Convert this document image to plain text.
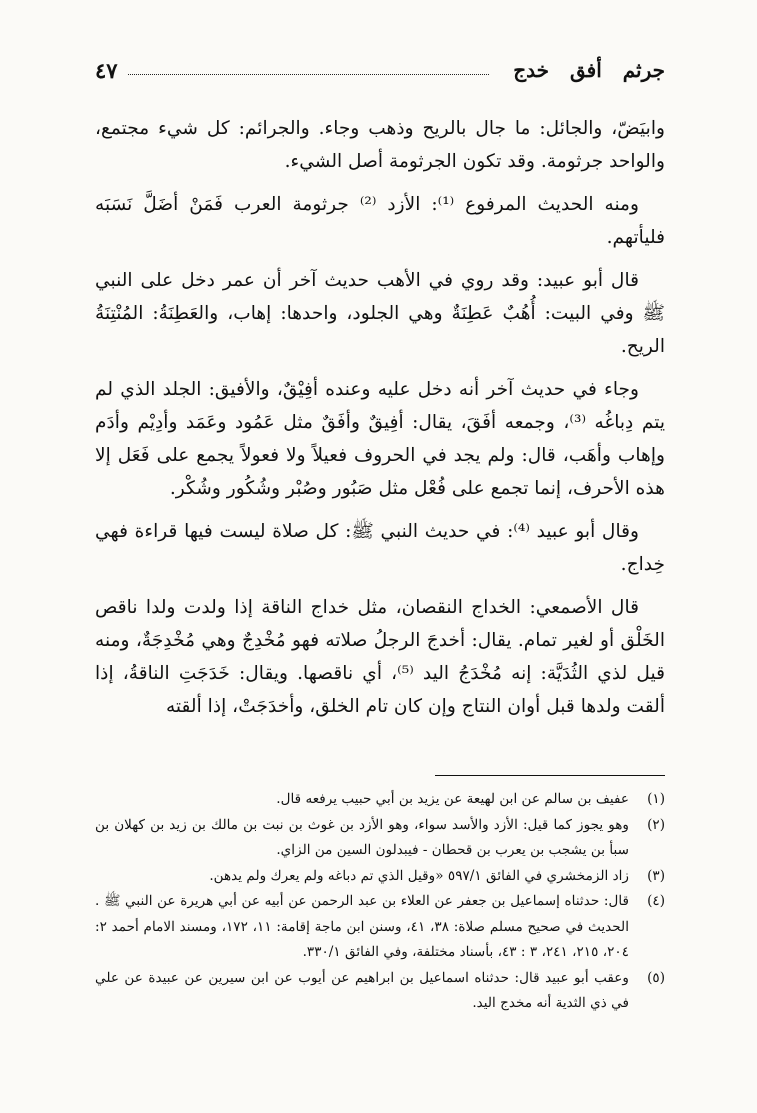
جرثم أفق خدج
٤٧

وابيَضّ، والجائل: ما جال بالريح وذهب وجاء. والجرائم: كل شيء مجتمع، والواحد جرثومة. وقد تكون الجرثومة أصل الشيء.

ومنه الحديث المرفوع ⁽¹⁾: الأزد ⁽²⁾ جرثومة العرب فَمَنْ أضَلَّ نَسَبَه فليأتهم.

قال أبو عبيد: وقد روي في الأهب حديث آخر أن عمر دخل على النبي ﷺ وفي البيت: أُهُبٌ عَطِنَةٌ وهي الجلود، واحدها: إهاب، والعَطِنَةُ: المُنْتِنَةُ الريح.

وجاء في حديث آخر أنه دخل عليه وعنده أفِيْقٌ، والأفيق: الجلد الذي لم يتم دِباغُه ⁽³⁾، وجمعه أفَقَ، يقال: أفِيقٌ وأفَقٌ مثل عَمُود وعَمَد وأدِيْم وأدَم وإهاب وأهَب، قال: ولم يجد في الحروف فعيلاً ولا فعولاً يجمع على فَعَل إلا هذه الأحرف، إنما تجمع على فُعْل مثل صَبُور وصُبْر وشُكُور وشُكْر.

وقال أبو عبيد ⁽⁴⁾: في حديث النبي ﷺ: كل صلاة ليست فيها قراءة فهي خِداج.

قال الأصمعي: الخداج النقصان، مثل خداج الناقة إذا ولدت ولدا ناقص الخَلْق أو لغير تمام. يقال: أخدجَ الرجلُ صلاته فهو مُخْدِجٌ وهي مُخْدِجَةٌ، ومنه قيل لذي الثُدَيَّة: إنه مُخْدَجُ اليد ⁽⁵⁾، أي ناقصها. ويقال: خَدَجَتِ الناقةُ، إذا ألقت ولدها قبل أوان النتاج وإن كان تام الخلق، وأخدَجَتْ، إذا ألقته

(١)
عفيف بن سالم عن ابن لهيعة عن يزيد بن أبي حبيب يرفعه قال.
(٢)
وهو يجوز كما قيل: الأزد والأسد سواء، وهو الأزد بن غوث بن نبت بن مالك بن زيد بن كهلان بن سبأ بن يشجب بن يعرب بن قحطان - فيبدلون السين من الزاي.
(٣)
زاد الزمخشري في الفائق ٥٩٧/١ «وقيل الذي تم دباغه ولم يعرك ولم يدهن.
(٤)
قال: حدثناه إسماعيل بن جعفر عن العلاء بن عبد الرحمن عن أبيه عن أبي هريرة عن النبي ﷺ . الحديث في صحيح مسلم صلاة: ٣٨، ٤١، وسنن ابن ماجة إقامة: ١١، ١٧٢، ومسند الامام أحمد ٢: ٢٠٤، ٢١٥، ٢٤١، ٣ : ٤٣، بأسناد مختلفة، وفي الفائق ٣٣٠/١.
(٥)
وعقب أبو عبيد قال: حدثناه اسماعيل بن ابراهيم عن أيوب عن ابن سيرين عن عبيدة عن علي في ذي الثدية أنه مخدج اليد.
